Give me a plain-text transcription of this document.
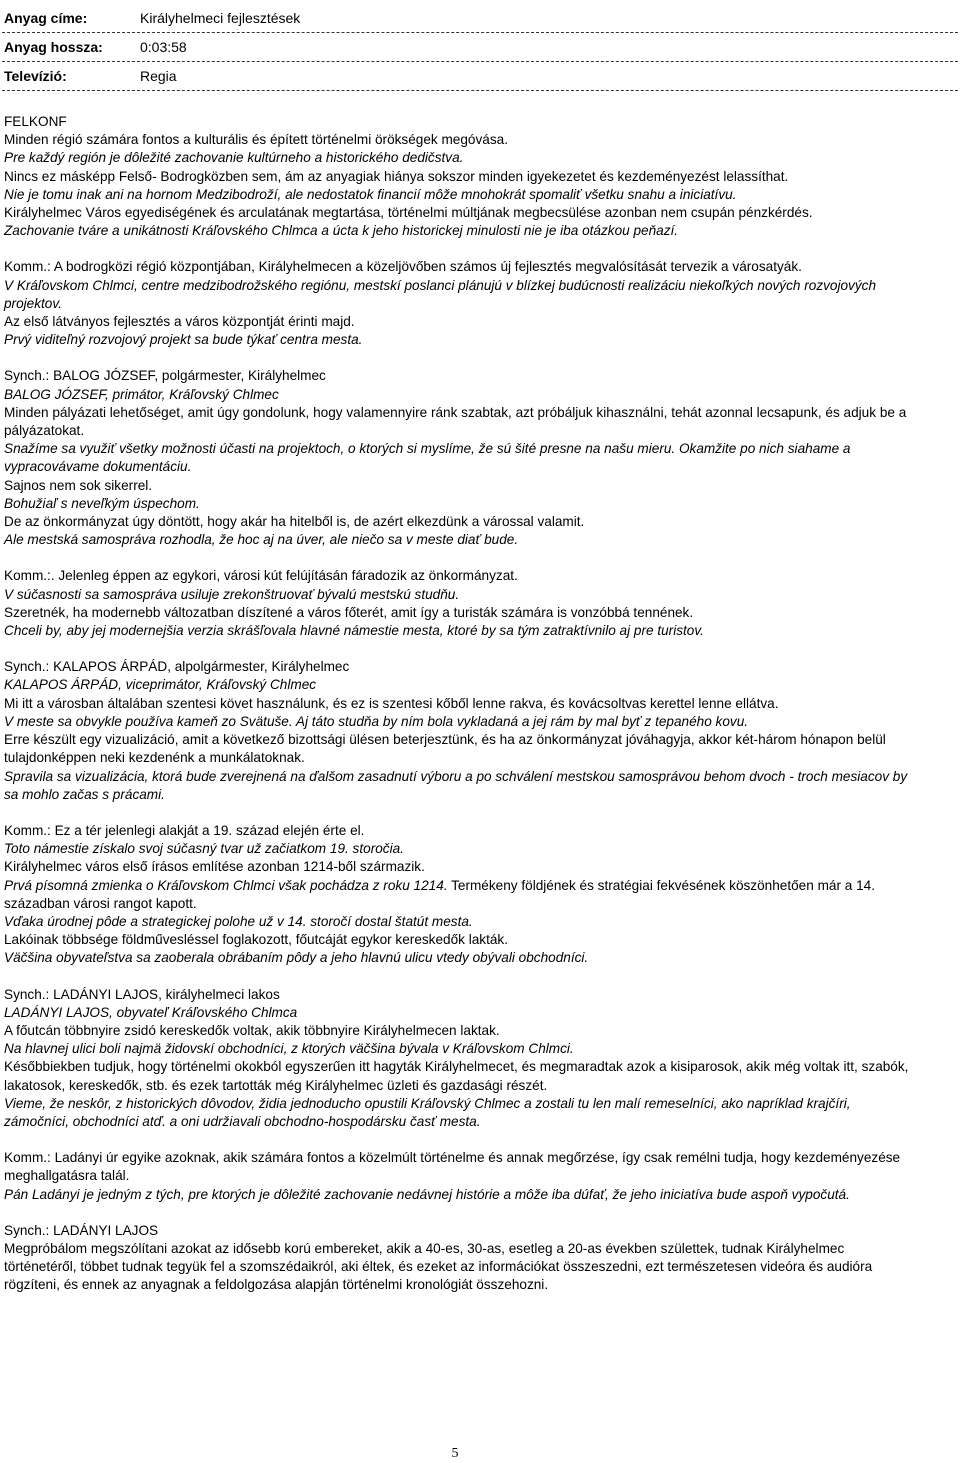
Anyag címe:	Királyhelmeci fejlesztések
Anyag hossza:	0:03:58
Televízió:	Regia

FELKONF

Minden régió számára fontos a kulturális és épített történelmi örökségek megóvása.

Pre každý región je dôležité zachovanie kultúrneho a historického dedičstva.

Nincs ez másképp Felső- Bodrogközben sem, ám az anyagiak hiánya sokszor minden igyekezetet és kezdeményezést lelassíthat.

Nie je tomu inak ani na hornom Medzibodroží, ale nedostatok financií môže mnohokrát spomaliť všetku snahu a iniciatívu.

Királyhelmec Város egyediségének és arculatának megtartása, történelmi múltjának megbecsülése azonban nem csupán pénzkérdés.

Zachovanie tváre a unikátnosti Kráľovského Chlmca a úcta k jeho historickej minulosti nie je iba otázkou peňazí.

Komm.: A bodrogközi régió központjában, Királyhelmecen a közeljövőben számos új fejlesztés megvalósítását tervezik a városatyák.

V Kráľovskom Chlmci, centre medzibodrožského regiónu, mestskí poslanci plánujú v blízkej budúcnosti realizáciu niekoľkých nových rozvojových projektov.

Az első látványos fejlesztés a város központját érinti majd.

Prvý viditeľný rozvojový projekt sa bude týkať centra mesta.

Synch.: BALOG JÓZSEF, polgármester, Királyhelmec

BALOG JÓZSEF, primátor, Kráľovský Chlmec

Minden pályázati lehetőséget, amit úgy gondolunk, hogy valamennyire ránk szabtak, azt próbáljuk kihasználni, tehát azonnal lecsapunk, és adjuk be a pályázatokat.

Snažíme sa využiť všetky možnosti účasti na projektoch, o ktorých si myslíme, že sú šité presne na našu mieru. Okamžite po nich siahame a vypracovávame dokumentáciu.

Sajnos nem sok sikerrel.

Bohužiaľ s neveľkým úspechom.

De az önkormányzat úgy döntött, hogy akár ha hitelből is, de azért elkezdünk a várossal valamit.

Ale mestská samospráva rozhodla, že hoc aj na úver, ale niečo sa v meste diať bude.

Komm.:. Jelenleg éppen az egykori, városi kút felújításán fáradozik az önkormányzat.

V súčasnosti sa samospráva usiluje zrekonštruovať bývalú mestskú studňu.

Szeretnék, ha modernebb változatban díszítené a város főterét, amit így a turisták számára is vonzóbbá tennének.

Chceli by, aby jej modernejšia verzia skrášľovala hlavné námestie mesta, ktoré by sa tým zatraktívnilo aj pre turistov.

Synch.: KALAPOS ÁRPÁD, alpolgármester, Királyhelmec

KALAPOS ÁRPÁD, viceprimátor, Kráľovský Chlmec

Mi itt a városban általában szentesi követ használunk, és ez is szentesi kőből lenne rakva, és kovácsoltvas kerettel lenne ellátva.

V meste sa obvykle používa kameň zo Svätuše. Aj táto studňa by ním bola vykladaná a jej rám by mal byť z tepaného kovu.

Erre készült egy vizualizáció, amit a következő bizottsági ülésen beterjesztünk, és ha az önkormányzat jóváhagyja, akkor két-három hónapon belül tulajdonképpen neki kezdenénk a munkálatoknak.

Spravila sa vizualizácia, ktorá bude zverejnená na ďalšom zasadnutí výboru a po schválení mestskou samosprávou behom dvoch - troch mesiacov by sa mohlo začas s prácami.

Komm.: Ez a tér jelenlegi alakját a 19. század elején érte el.

Toto námestie získalo svoj súčasný tvar už začiatkom 19. storočia.

Királyhelmec város első írásos említése azonban 1214-ből származik.

Prvá písomná zmienka o Kráľovskom Chlmci však pochádza z roku 1214. Termékeny földjének és stratégiai fekvésének köszönhetően már a 14. században városi rangot kapott.

Vďaka úrodnej pôde a strategickej polohe už v 14. storočí dostal štatút mesta.

Lakóinak többsége földművesléssel foglakozott, főutcáját egykor kereskedők lakták.

Väčšina obyvateľstva sa zaoberala obrábaním pôdy a jeho hlavnú ulicu vtedy obývali obchodníci.

Synch.: LADÁNYI LAJOS, királyhelmeci lakos

LADÁNYI LAJOS, obyvateľ Kráľovského Chlmca

A főutcán többnyire zsidó kereskedők voltak, akik többnyire Királyhelmecen laktak.

Na hlavnej ulici boli najmä židovskí obchodníci, z ktorých väčšina bývala v Kráľovskom Chlmci.

Későbbiekben tudjuk, hogy történelmi okokból egyszerűen itt hagyták Királyhelmecet, és megmaradtak azok a kisiparosok, akik még voltak itt, szabók, lakatosok, kereskedők, stb. és ezek tartották még Királyhelmec üzleti és gazdasági részét.

Vieme, že neskôr, z historických dôvodov, židia jednoducho opustili Kráľovský Chlmec a zostali tu len malí remeselníci, ako napríklad krajčíri, zámočníci, obchodníci atď. a oni udržiavali obchodno-hospodársku časť mesta.

Komm.: Ladányi úr egyike azoknak, akik számára fontos a közelmúlt történelme és annak megőrzése, így csak remélni tudja, hogy kezdeményezése meghallgatásra talál.

Pán Ladányi je jedným z tých, pre ktorých je dôležité zachovanie nedávnej histórie a môže iba dúfať, že jeho iniciatíva bude aspoň vypočutá.

Synch.: LADÁNYI LAJOS

Megpróbálom megszólítani azokat az idősebb korú embereket, akik a 40-es, 30-as, esetleg a 20-as években születtek, tudnak Királyhelmec történetéről, többet tudnak tegyük fel a szomszédaikról, aki éltek, és ezeket az információkat összeszedni, ezt természetesen videóra és audióra rögzíteni, és ennek az anyagnak a feldolgozása alapján történelmi kronológiát összehozni.

5
